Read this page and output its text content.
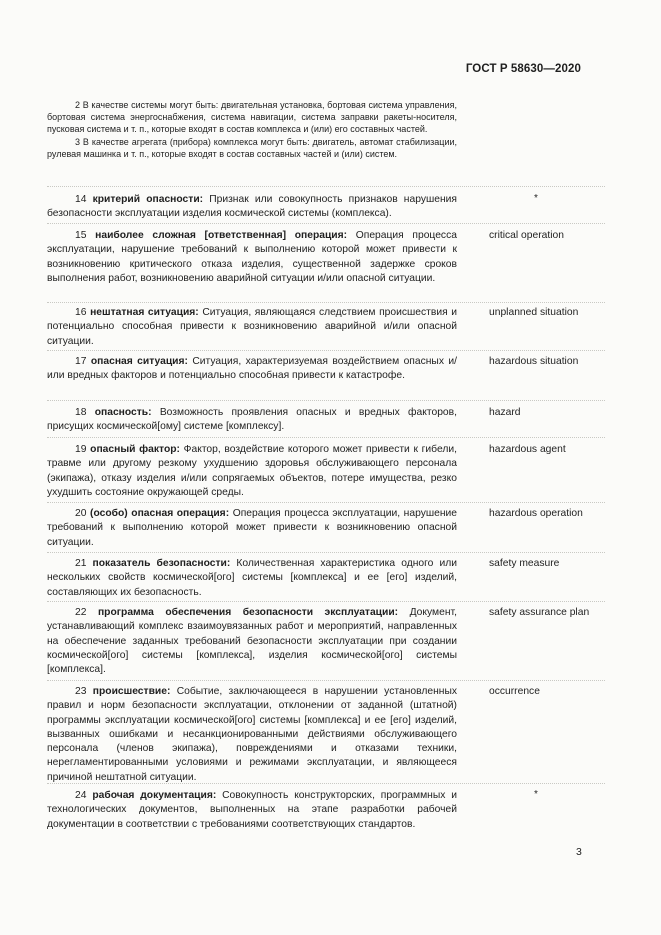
ГОСТ Р 58630—2020

2 В качестве системы могут быть: двигательная установка, бортовая система управления, бортовая система энергоснабжения, система навигации, система заправки ракеты-носителя, пусковая система и т. п., которые входят в состав комплекса и (или) его составных частей.

3 В качестве агрегата (прибора) комплекса могут быть: двигатель, автомат стабилизации, рулевая машинка и т. п., которые входят в состав составных частей и (или) систем.

14 критерий опасности: Признак или совокупность признаков нарушения безопасности эксплуатации изделия космической системы (комплекса).

*

15 наиболее сложная [ответственная] операция: Операция процесса эксплуатации, нарушение требований к выполнению которой может привести к возникновению критического отказа изделия, существенной задержке сроков выполнения работ, возникновению аварийной ситуации и/или опасной ситуации.

critical operation

16 нештатная ситуация: Ситуация, являющаяся следствием происшествия и потенциально способная привести к возникновению аварийной и/или опасной ситуации.

unplanned situation

17 опасная ситуация: Ситуация, характеризуемая воздействием опасных и/или вредных факторов и потенциально способная привести к катастрофе.

hazardous situation

18 опасность: Возможность проявления опасных и вредных факторов, присущих космической[ому] системе [комплексу].

hazard

19 опасный фактор: Фактор, воздействие которого может привести к гибели, травме или другому резкому ухудшению здоровья обслуживающего персонала (экипажа), отказу изделия и/или сопрягаемых объектов, потере имущества, резко ухудшить состояние окружающей среды.

hazardous agent

20 (особо) опасная операция: Операция процесса эксплуатации, нарушение требований к выполнению которой может привести к возникновению опасной ситуации.

hazardous operation

21 показатель безопасности: Количественная характеристика одного или нескольких свойств космической[ого] системы [комплекса] и ее [его] изделий, составляющих их безопасность.

safety measure

22 программа обеспечения безопасности эксплуатации: Документ, устанавливающий комплекс взаимоувязанных работ и мероприятий, направленных на обеспечение заданных требований безопасности эксплуатации при создании космической[ого] системы [комплекса], изделия космической[ого] системы [комплекса].

safety assurance plan

23 происшествие: Событие, заключающееся в нарушении установленных правил и норм безопасности эксплуатации, отклонении от заданной (штатной) программы эксплуатации космической[ого] системы [комплекса] и ее [его] изделий, вызванных ошибками и несанкционированными действиями обслуживающего персонала (членов экипажа), повреждениями и отказами техники, нерегламентированными условиями и режимами эксплуатации, и являющееся причиной нештатной ситуации.

occurrence

24 рабочая документация: Совокупность конструкторских, программных и технологических документов, выполненных на этапе разработки рабочей документации в соответствии с требованиями соответствующих стандартов.

*
3
